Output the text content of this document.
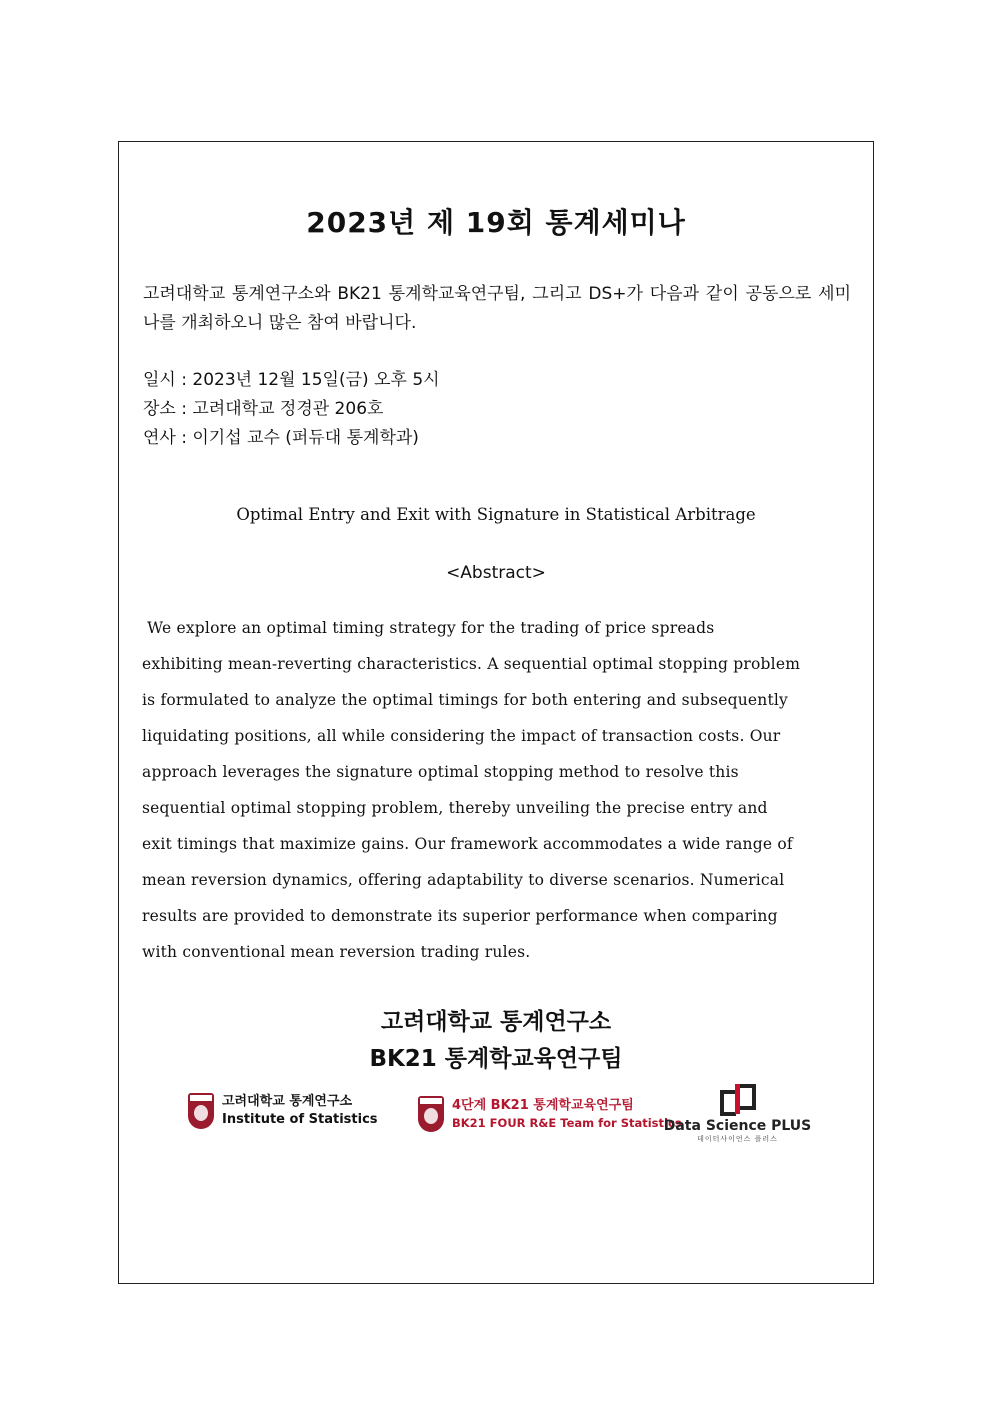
2023년 제 19회 통계세미나
고려대학교 통계연구소와 BK21 통계학교육연구팀, 그리고 DS+가 다음과 같이 공동으로 세미나를 개최하오니 많은 참여 바랍니다.
일시 : 2023년 12월 15일(금) 오후 5시
장소 : 고려대학교 정경관 206호
연사 : 이기섭 교수 (퍼듀대 통계학과)
Optimal Entry and Exit with Signature in Statistical Arbitrage
<Abstract>
We explore an optimal timing strategy for the trading of price spreads
exhibiting mean-reverting characteristics. A sequential optimal stopping problem
is formulated to analyze the optimal timings for both entering and subsequently
liquidating positions, all while considering the impact of transaction costs. Our
approach leverages the signature optimal stopping method to resolve this
sequential optimal stopping problem, thereby unveiling the precise entry and
exit timings that maximize gains. Our framework accommodates a wide range of
mean reversion dynamics, offering adaptability to diverse scenarios. Numerical
results are provided to demonstrate its superior performance when comparing
with conventional mean reversion trading rules.
고려대학교 통계연구소
BK21 통계학교육연구팀
고려대학교 통계연구소
Institute of Statistics
4단계 BK21 통계학교육연구팀
BK21 FOUR R&E Team for Statistics
Data Science PLUS
데이터사이언스 플러스
